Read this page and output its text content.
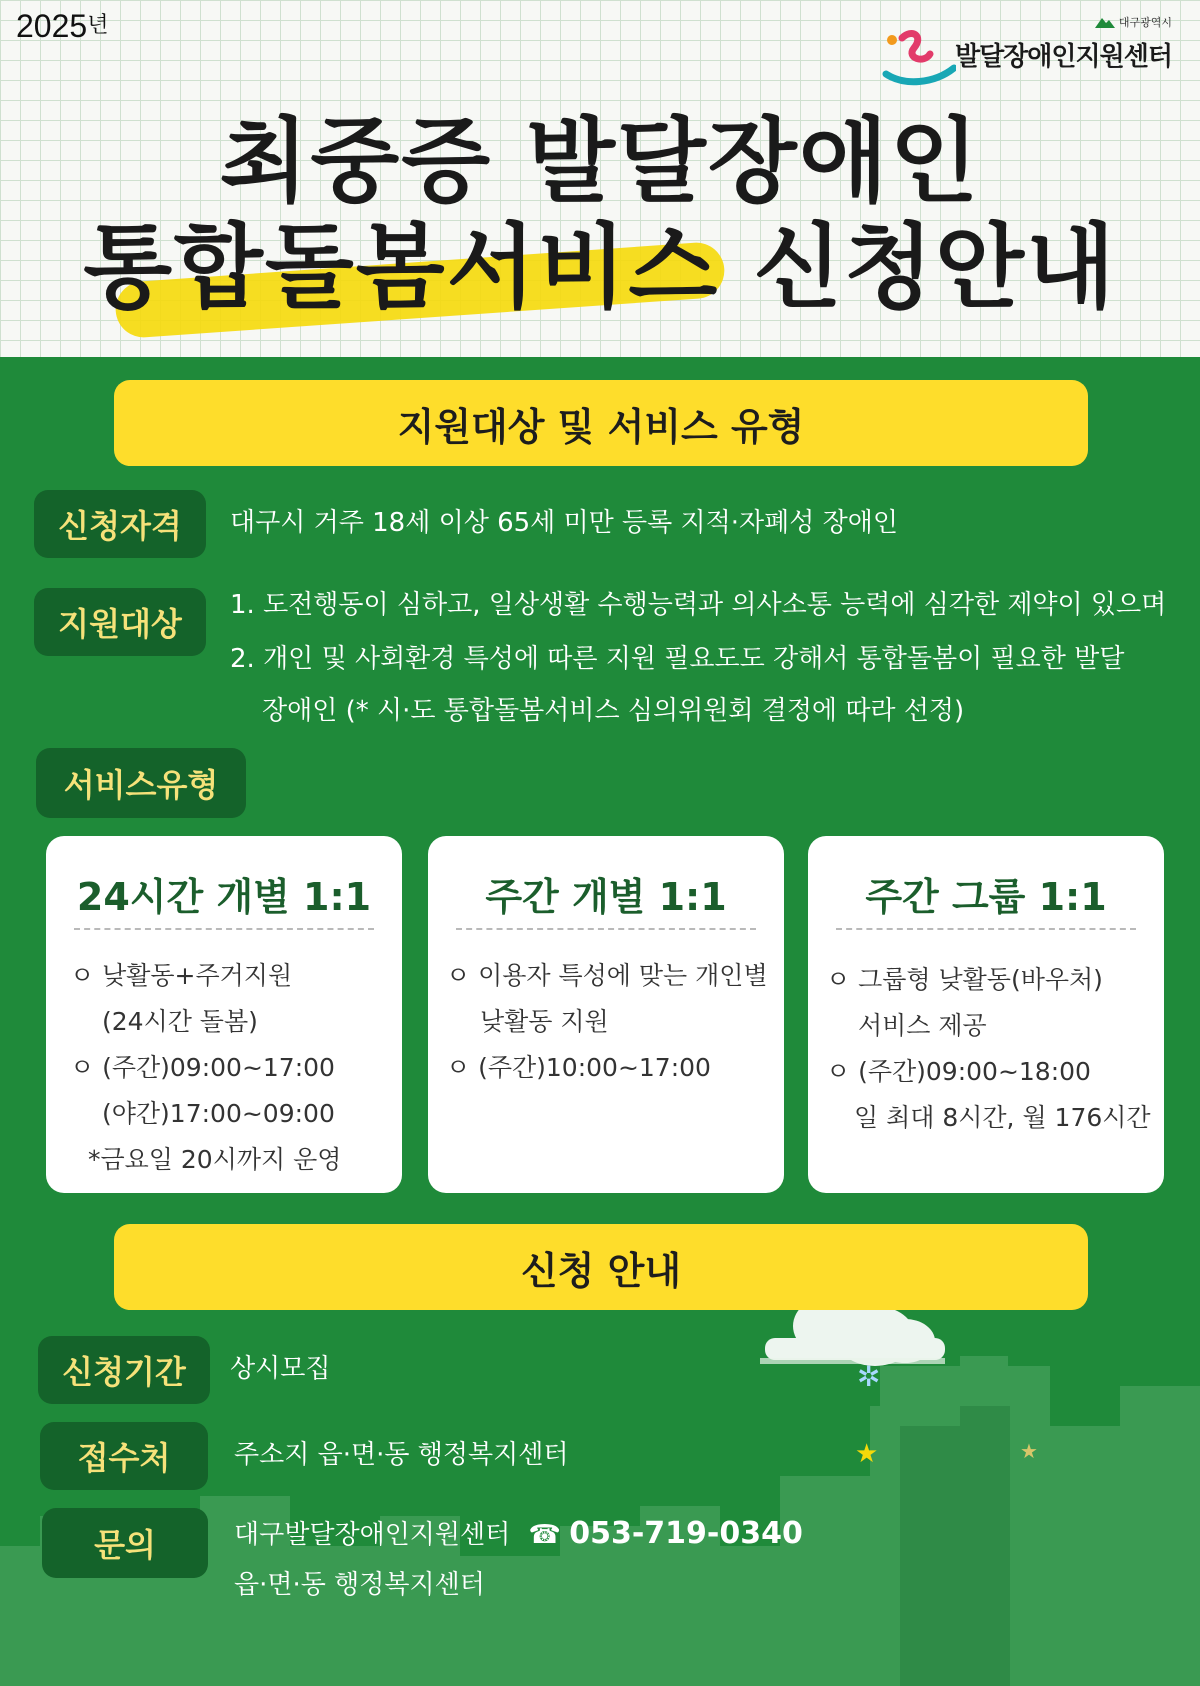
✲
★	★
$2025^년$	대구광역시
발달장애인지원센터
최중증 발달장애인
통합돌봄서비스 신청안내
지원대상 및 서비스 유형
신청자격	대구시 거주 18세 이상 65세 미만 등록 지적·자폐성 장애인
지원대상	1. 도전행동이 심하고, 일상생활 수행능력과 의사소통 능력에 심각한 제약이 있으며
2. 개인 및 사회환경 특성에 따른 지원 필요도도 강해서 통합돌봄이 필요한 발달
장애인 (* 시·도 통합돌봄서비스 심의위원회 결정에 따라 선정)
서비스유형
24시간 개별 1:1
ㅇ 낮활동+주거지원
(24시간 돌봄)
ㅇ (주간)09:00~17:00
(야간)17:00~09:00
*금요일 20시까지 운영
주간 개별 1:1
ㅇ 이용자 특성에 맞는 개인별
낮활동 지원
ㅇ (주간)10:00~17:00
주간 그룹 1:1
ㅇ 그룹형 낮활동(바우처)
서비스 제공
ㅇ (주간)09:00~18:00
일 최대 8시간, 월 176시간
신청 안내
신청기간	상시모집
접수처	주소지 읍·면·동 행정복지센터
문의	대구발달장애인지원센터 ☎ 053-719-0340
읍·면·동 행정복지센터
